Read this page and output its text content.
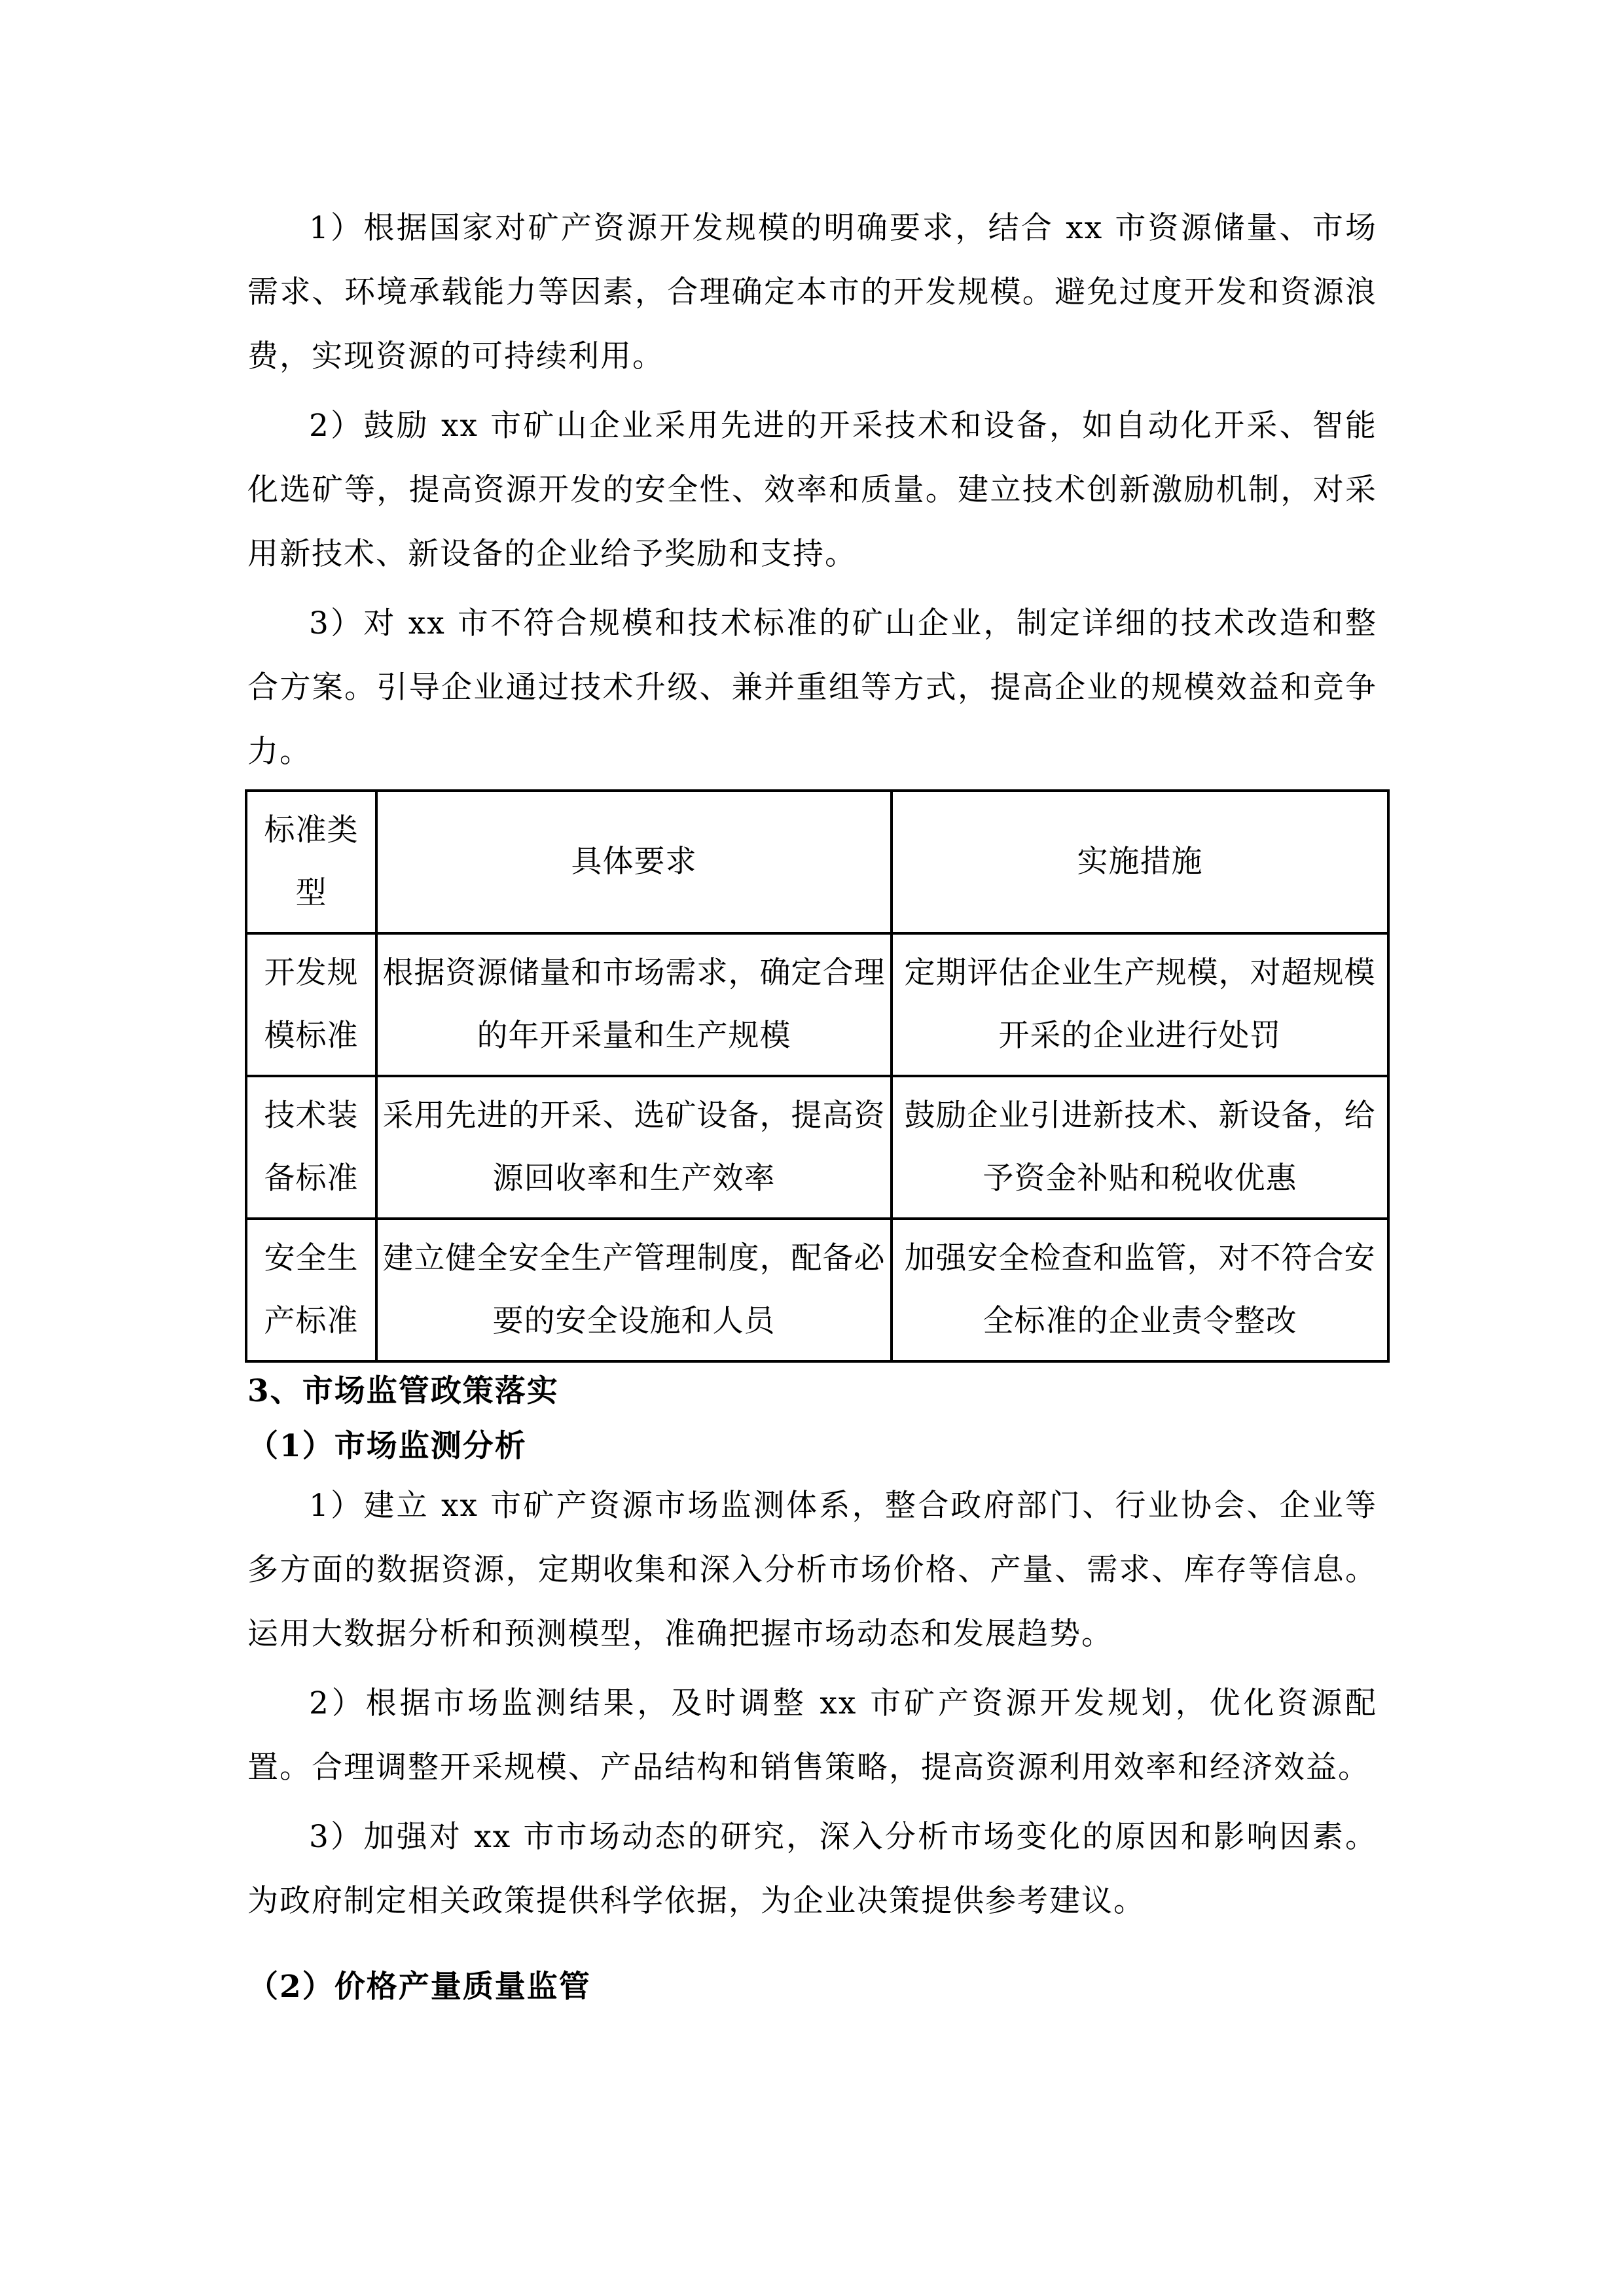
1）根据国家对矿产资源开发规模的明确要求，结合 xx 市资源储量、市场需求、环境承载能力等因素，合理确定本市的开发规模。避免过度开发和资源浪费，实现资源的可持续利用。

2）鼓励 xx 市矿山企业采用先进的开采技术和设备，如自动化开采、智能化选矿等，提高资源开发的安全性、效率和质量。建立技术创新激励机制，对采用新技术、新设备的企业给予奖励和支持。

3）对 xx 市不符合规模和技术标准的矿山企业，制定详细的技术改造和整合方案。引导企业通过技术升级、兼并重组等方式，提高企业的规模效益和竞争力。

标准类型	具体要求	实施措施
开发规模标准	根据资源储量和市场需求，确定合理的年开采量和生产规模	定期评估企业生产规模，对超规模开采的企业进行处罚
技术装备标准	采用先进的开采、选矿设备，提高资源回收率和生产效率	鼓励企业引进新技术、新设备，给予资金补贴和税收优惠
安全生产标准	建立健全安全生产管理制度，配备必要的安全设施和人员	加强安全检查和监管，对不符合安全标准的企业责令整改
3、市场监管政策落实
（1）市场监测分析

1）建立 xx 市矿产资源市场监测体系，整合政府部门、行业协会、企业等多方面的数据资源，定期收集和深入分析市场价格、产量、需求、库存等信息。运用大数据分析和预测模型，准确把握市场动态和发展趋势。

2）根据市场监测结果，及时调整 xx 市矿产资源开发规划，优化资源配置。合理调整开采规模、产品结构和销售策略，提高资源利用效率和经济效益。

3）加强对 xx 市市场动态的研究，深入分析市场变化的原因和影响因素。为政府制定相关政策提供科学依据，为企业决策提供参考建议。

（2）价格产量质量监管
